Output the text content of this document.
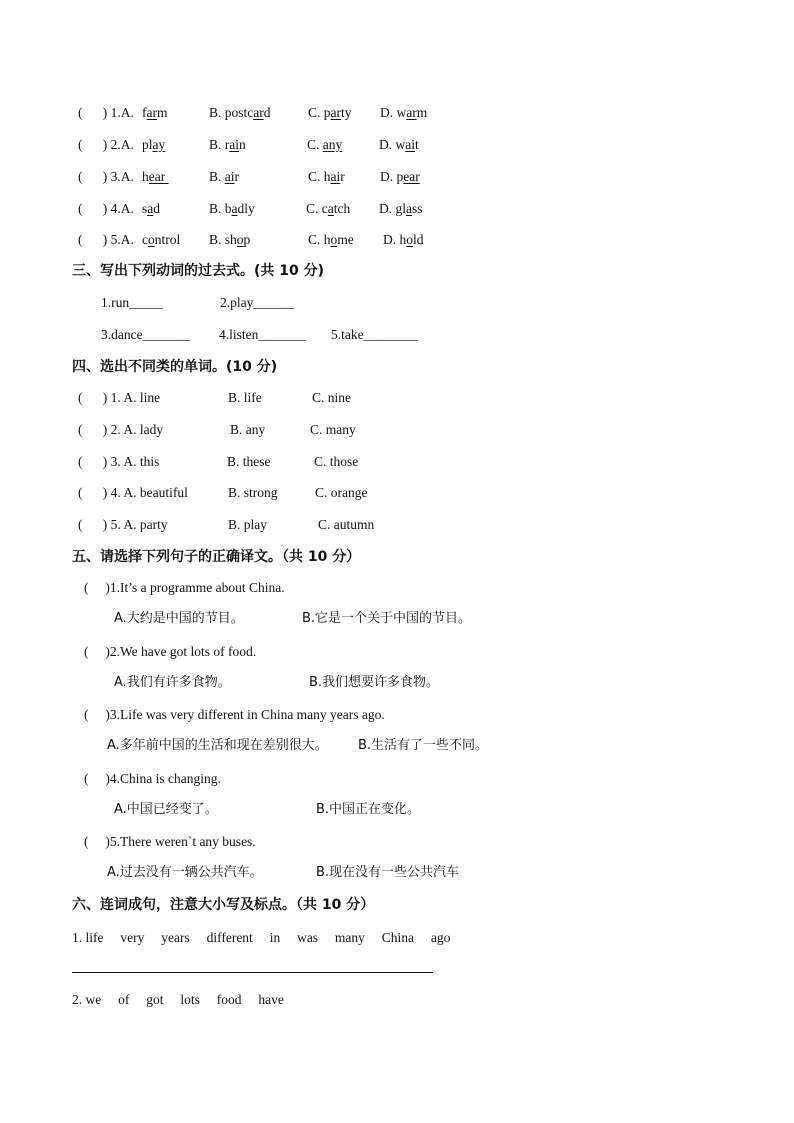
(      ) 1.A. farm	B. postcard	C. party D. warm
(      ) 2.A. play	B. rain	C. any	D. wait
(      ) 3.A. hear	B. air	C. hair	D. pear
(      ) 4.A. sad	B. badly	C. catch D. glass
(      ) 5.A. control B. shop	C. home D. hold
三、写出下列动词的过去式。(共 10 分)
1.run_____	2.play______
3.dance_______ 4.listen_______ 5.take________
四、选出不同类的单词。(10 分)
(      ) 1. A. line	B. life	C. nine
(      ) 2. A. lady	B. any	C. many
(      ) 3. A. this	B. these	C. those
(      ) 4. A. beautiful	B. strong	C. orange
(      ) 5. A. party	B. play	C. autumn
五、请选择下列句子的正确译文。（共 10 分）
(     )1.It’s a programme about China.
A.大约是中国的节目。	B.它是一个关于中国的节目。
(     )2.We have got lots of food.
A.我们有许多食物。	B.我们想要许多食物。
(     )3.Life was very different in China many years ago.
A.多年前中国的生活和现在差别很大。 B.生活有了一些不同。
(     )4.China is changing.
A.中国已经变了。	B.中国正在变化。
(     )5.There weren`t any buses.
A.过去没有一辆公共汽车。	B.现在没有一些公共汽车
六、连词成句，注意大小写及标点。（共 10 分）
1. life     very     years     different     in     was     many     China     ago
2. we     of     got     lots     food     have
